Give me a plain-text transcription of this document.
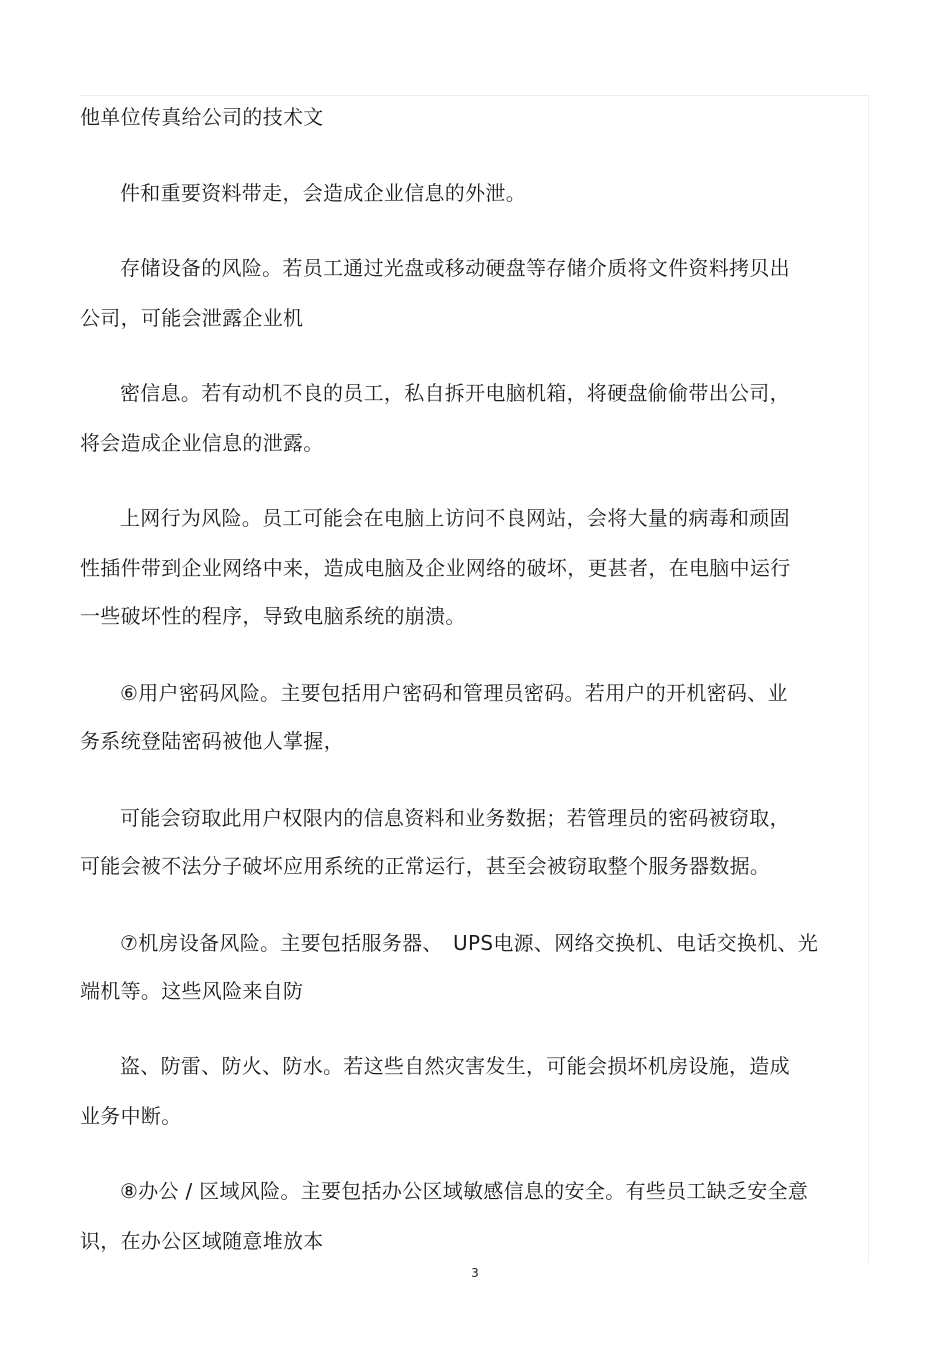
他单位传真给公司的技术文
件和重要资料带走，会造成企业信息的外泄。
存储设备的风险。若员工通过光盘或移动硬盘等存储介质将文件资料拷贝出
公司，可能会泄露企业机
密信息。若有动机不良的员工，私自拆开电脑机箱，将硬盘偷偷带出公司，
将会造成企业信息的泄露。
上网行为风险。员工可能会在电脑上访问不良网站，会将大量的病毒和顽固
性插件带到企业网络中来，造成电脑及企业网络的破坏，更甚者，在电脑中运行
一些破坏性的程序，导致电脑系统的崩溃。
⑥用户密码风险。主要包括用户密码和管理员密码。若用户的开机密码、业
务系统登陆密码被他人掌握，
可能会窃取此用户权限内的信息资料和业务数据；若管理员的密码被窃取，
可能会被不法分子破坏应用系统的正常运行，甚至会被窃取整个服务器数据。
⑦机房设备风险。主要包括服务器、　UPS电源、网络交换机、电话交换机、光
端机等。这些风险来自防
盗、防雷、防火、防水。若这些自然灾害发生，可能会损坏机房设施，造成
业务中断。
⑧办公 / 区域风险。主要包括办公区域敏感信息的安全。有些员工缺乏安全意
识，在办公区域随意堆放本
3
